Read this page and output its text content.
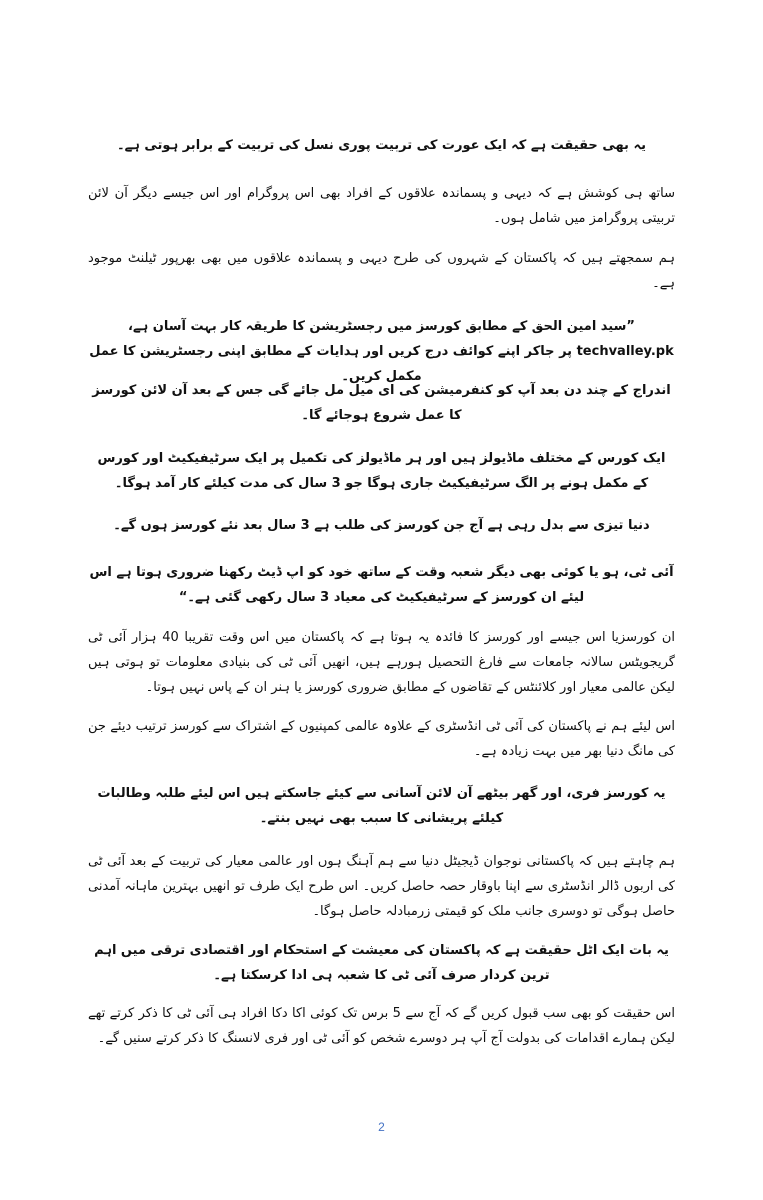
یہ بھی حقیقت ہے کہ ایک عورت کی تربیت پوری نسل کی تربیت کے برابر ہوتی ہے۔

ساتھ ہی کوشش ہے کہ دیہی و پسماندہ علاقوں کے افراد بھی اس پروگرام اور اس جیسے دیگر آن لائن تربیتی پروگرامز میں شامل ہوں۔

ہم سمجھتے ہیں کہ پاکستان کے شہروں کی طرح دیہی و پسماندہ علاقوں میں بھی بھرپور ٹیلنٹ موجود ہے۔

”سید امین الحق کے مطابق کورسز میں رجسٹریشن کا طریقہ کار بہت آسان ہے، techvalley.pk پر جاکر اپنے کوائف درج کریں اور ہدایات کے مطابق اپنی رجسٹریشن کا عمل مکمل کریں۔

اندراج کے چند دن بعد آپ کو کنفرمیشن کی ای میل مل جائے گی جس کے بعد آن لائن کورسز کا عمل شروع ہوجائے گا۔

ایک کورس کے مختلف ماڈیولز ہیں اور ہر ماڈیولز کی تکمیل پر ایک سرٹیفیکیٹ اور کورس کے مکمل ہونے پر الگ سرٹیفیکیٹ جاری ہوگا جو 3 سال کی مدت کیلئے کار آمد ہوگا۔

دنیا تیزی سے بدل رہی ہے آج جن کورسز کی طلب ہے 3 سال بعد نئے کورسز ہوں گے۔

آئی ٹی، ہو یا کوئی بھی دیگر شعبہ وقت کے ساتھ خود کو اپ ڈیٹ رکھنا ضروری ہوتا ہے اس لیئے ان کورسز کے سرٹیفیکیٹ کی معیاد 3 سال رکھی گئی ہے۔“

ان کورسزیا اس جیسے اور کورسز کا فائدہ یہ ہوتا ہے کہ پاکستان میں اس وقت تقریبا 40 ہزار آئی ٹی گریجویٹس سالانہ جامعات سے فارغ التحصیل ہورہے ہیں، انھیں آئی ٹی کی بنیادی معلومات تو ہوتی ہیں لیکن عالمی معیار اور کلائنٹس کے تقاضوں کے مطابق ضروری کورسز یا ہنر ان کے پاس نہیں ہوتا۔

اس لیئے ہم نے پاکستان کی آئی ٹی انڈسٹری کے علاوہ عالمی کمپنیوں کے اشتراک سے کورسز ترتیب دیئے جن کی مانگ دنیا بھر میں بہت زیادہ ہے۔

یہ کورسز فری، اور گھر بیٹھے آن لائن آسانی سے کیئے جاسکتے ہیں اس لیئے طلبہ وطالبات کیلئے پریشانی کا سبب بھی نہیں بنتے۔

ہم چاہتے ہیں کہ پاکستانی نوجوان ڈیجیٹل دنیا سے ہم آہنگ ہوں اور عالمی معیار کی تربیت کے بعد آئی ٹی کی اربوں ڈالر انڈسٹری سے اپنا باوقار حصہ حاصل کریں۔ اس طرح ایک طرف تو انھیں بہترین ماہانہ آمدنی حاصل ہوگی تو دوسری جانب ملک کو قیمتی زرمبادلہ حاصل ہوگا۔

یہ بات ایک اٹل حقیقت ہے کہ پاکستان کی معیشت کے استحکام اور اقتصادی ترقی میں اہم ترین کردار صرف آئی ٹی کا شعبہ ہی ادا کرسکتا ہے۔

اس حقیقت کو بھی سب قبول کریں گے کہ آج سے 5 برس تک کوئی اکا دکا افراد ہی آئی ٹی کا ذکر کرتے تھے لیکن ہمارے اقدامات کی بدولت آج آپ ہر دوسرے شخص کو آئی ٹی اور فری لانسنگ کا ذکر کرتے سنیں گے۔

2
